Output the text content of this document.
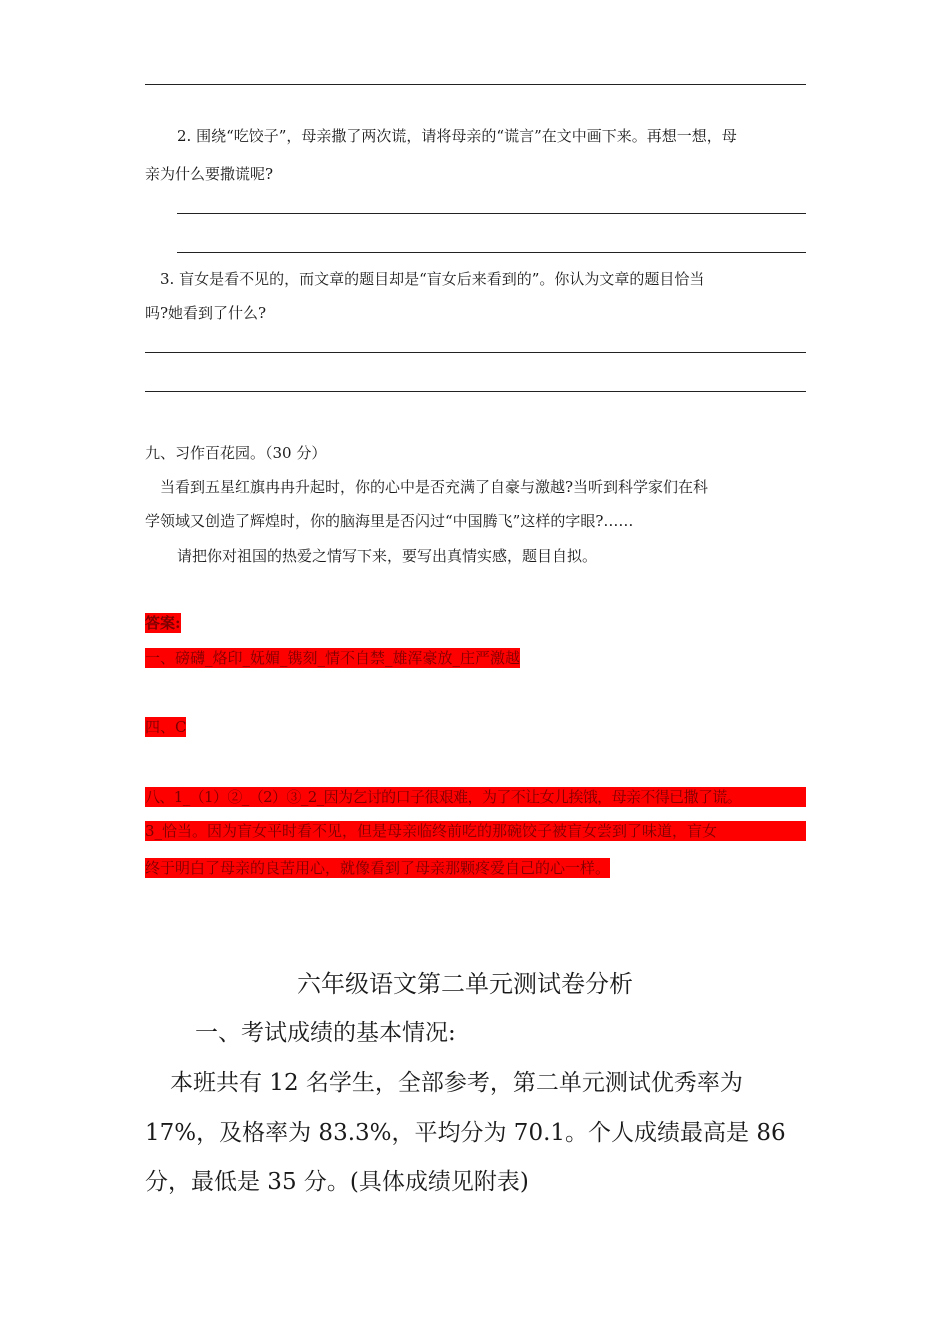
2. 围绕“吃饺子”，母亲撒了两次谎，请将母亲的“谎言”在文中画下来。再想一想，母
亲为什么要撒谎呢?
3. 盲女是看不见的，而文章的题目却是“盲女后来看到的”。你认为文章的题目恰当
吗?她看到了什么?
九、习作百花园。（30 分）
当看到五星红旗冉冉升起时，你的心中是否充满了自豪与激越?当听到科学家们在科
学领域又创造了辉煌时，你的脑海里是否闪过“中国腾飞”这样的字眼?……
请把你对祖国的热爱之情写下来，要写出真情实感，题目自拟。
答案:
一、磅礴_烙印_妩媚_镌刻_情不自禁_雄浑豪放_庄严激越
四、C
八、1_（1）②_（2）③_2_因为乞讨的口子很艰难，为了不让女儿挨饿，母亲不得已撒了谎。
3_恰当。因为盲女平时看不见，但是母亲临终前吃的那碗饺子被盲女尝到了味道，盲女
终于明白了母亲的良苦用心，就像看到了母亲那颗疼爱自己的心一样。
六年级语文第二单元测试卷分析
一、考试成绩的基本情况:
本班共有 12 名学生，全部参考，第二单元测试优秀率为
17%，及格率为 83.3%，平均分为 70.1。个人成绩最高是 86
分，最低是 35 分。(具体成绩见附表)
